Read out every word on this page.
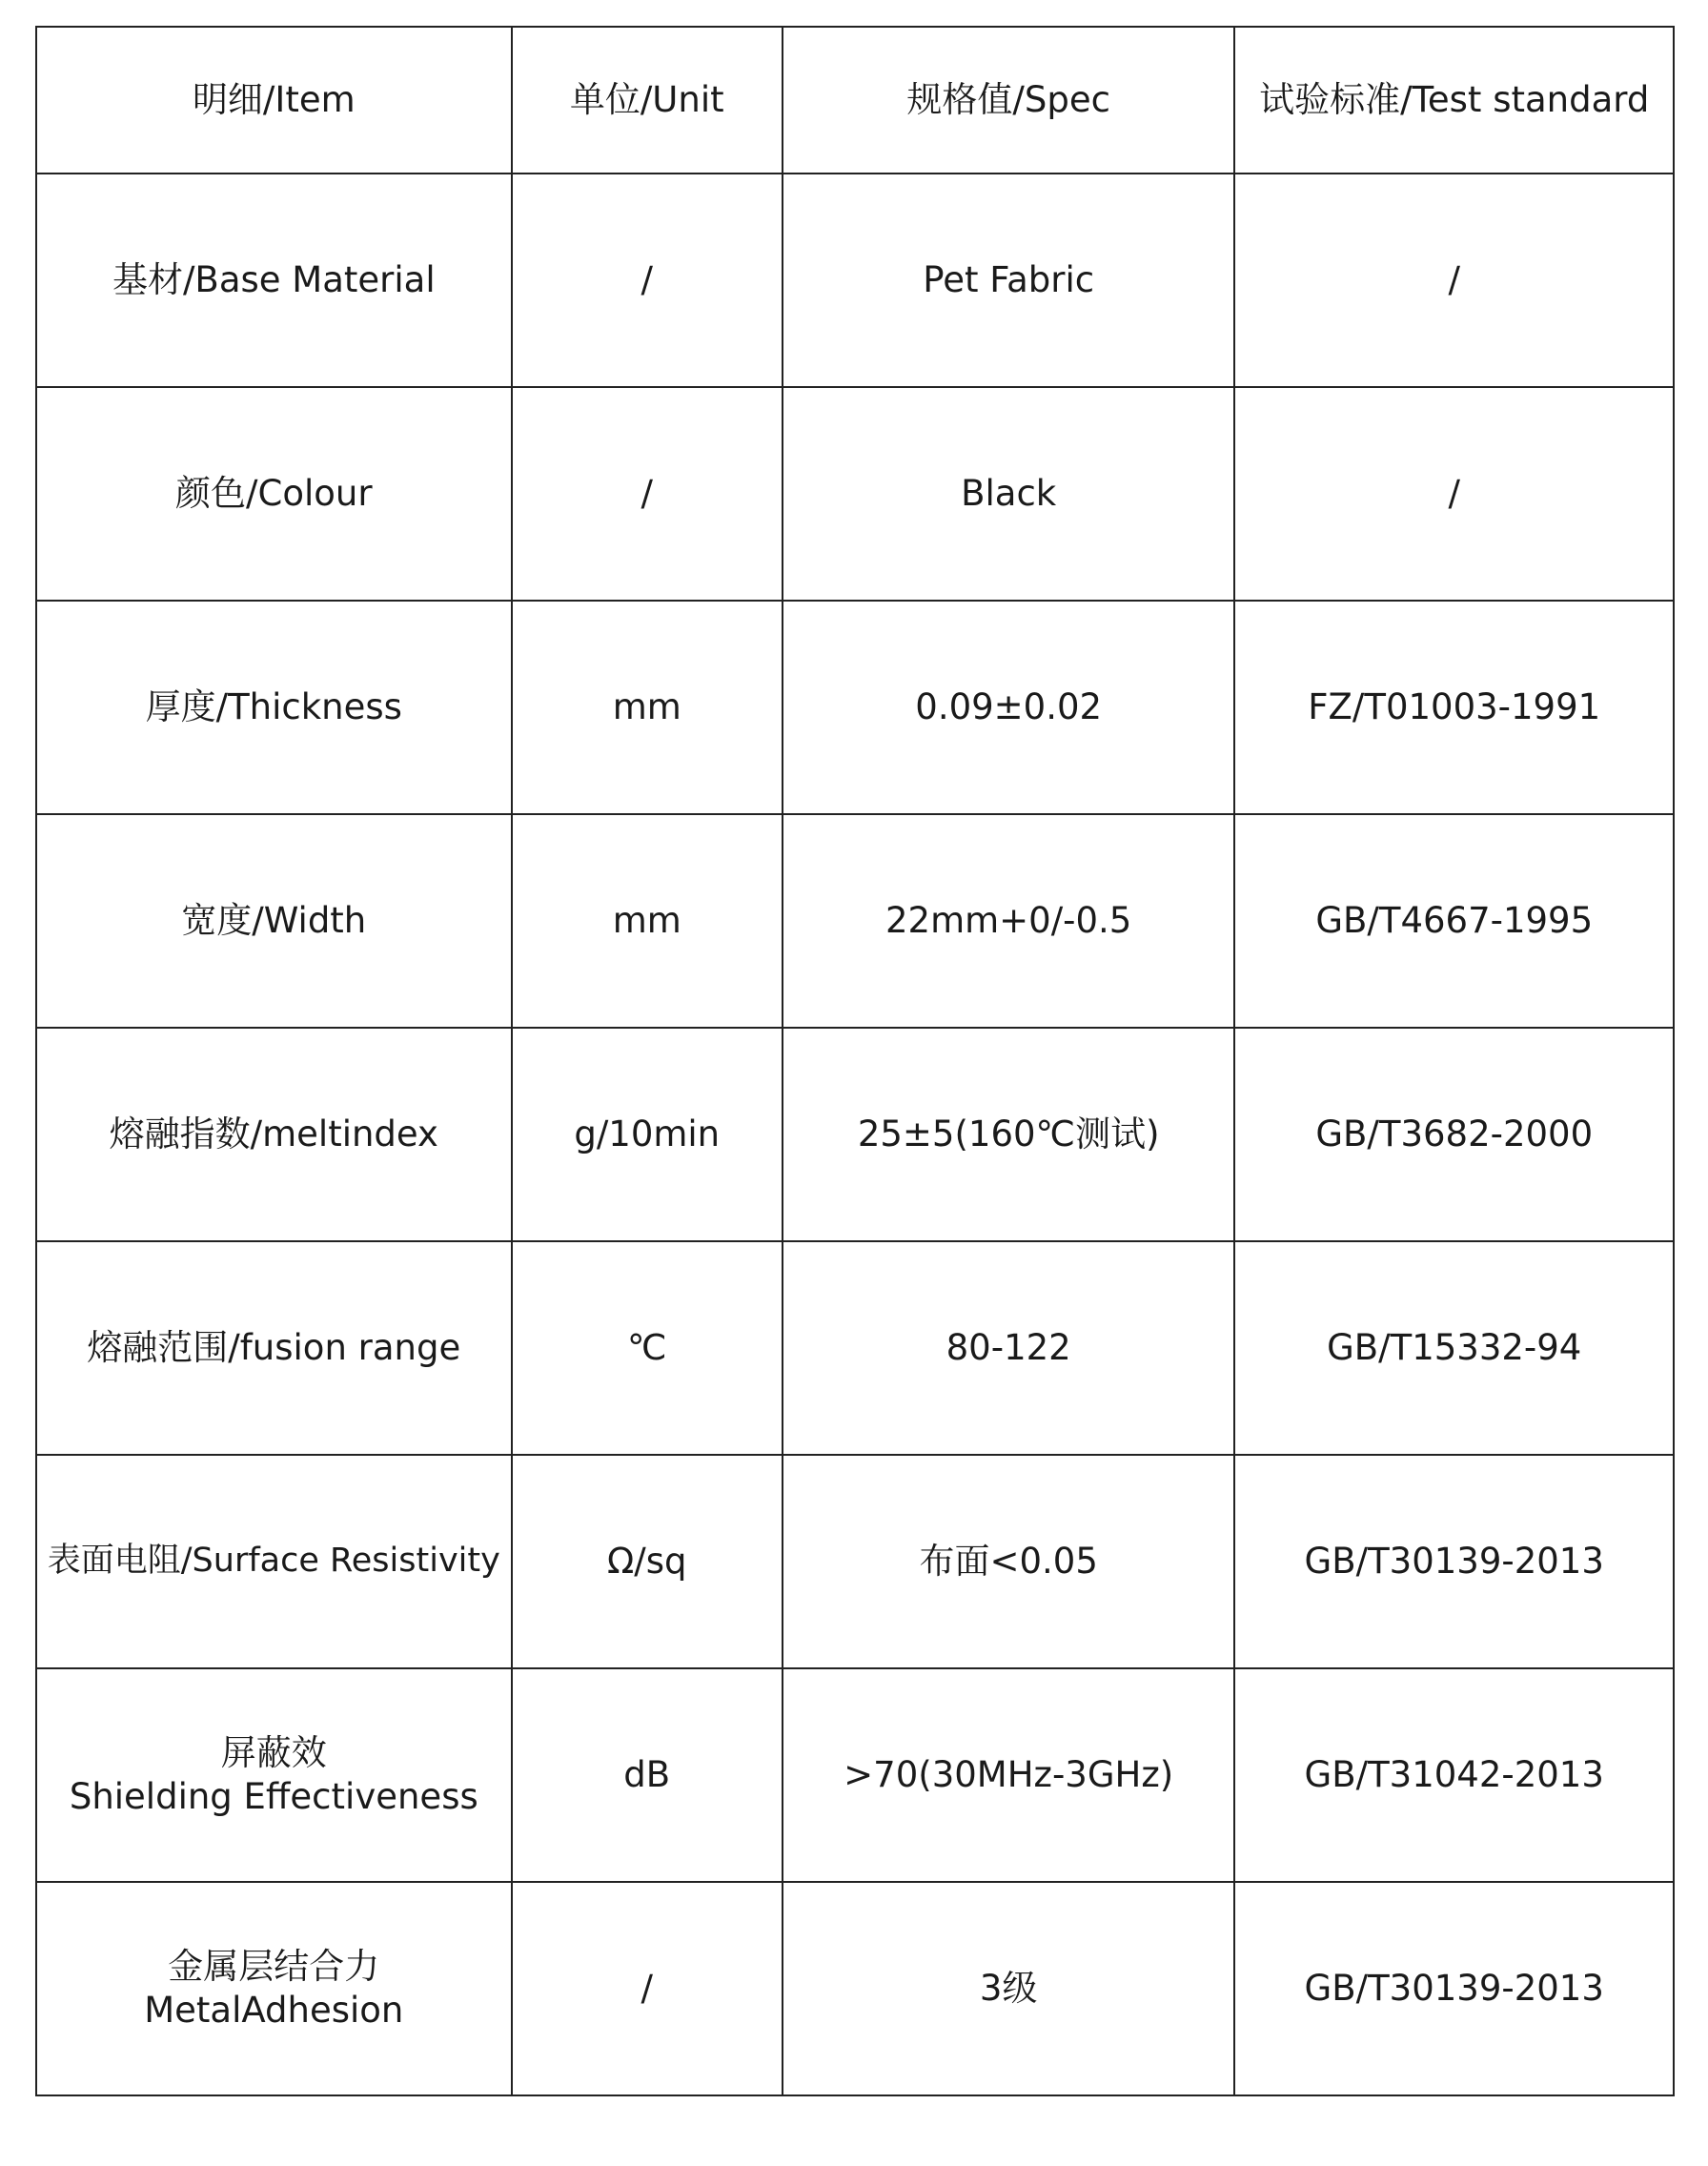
明细/Item	单位/Unit	规格值/Spec	试验标准/Test standard

基材/Base Material	/	Pet Fabric	/

颜色/Colour	/	Black	/

厚度/Thickness	mm	0.09±0.02	FZ/T01003-1991

宽度/Width	mm	22mm+0/-0.5	GB/T4667-1995

熔融指数/meltindex	g/10min	25±5(160℃测试)	GB/T3682-2000

熔融范围/fusion range	℃	80-122	GB/T15332-94

表面电阻/Surface Resistivity	Ω/sq	布面<0.05	GB/T30139-2013

屏蔽效
Shielding Effectiveness	dB	>70(30MHz-3GHz)	GB/T31042-2013

金属层结合力
MetalAdhesion	/	3级	GB/T30139-2013
